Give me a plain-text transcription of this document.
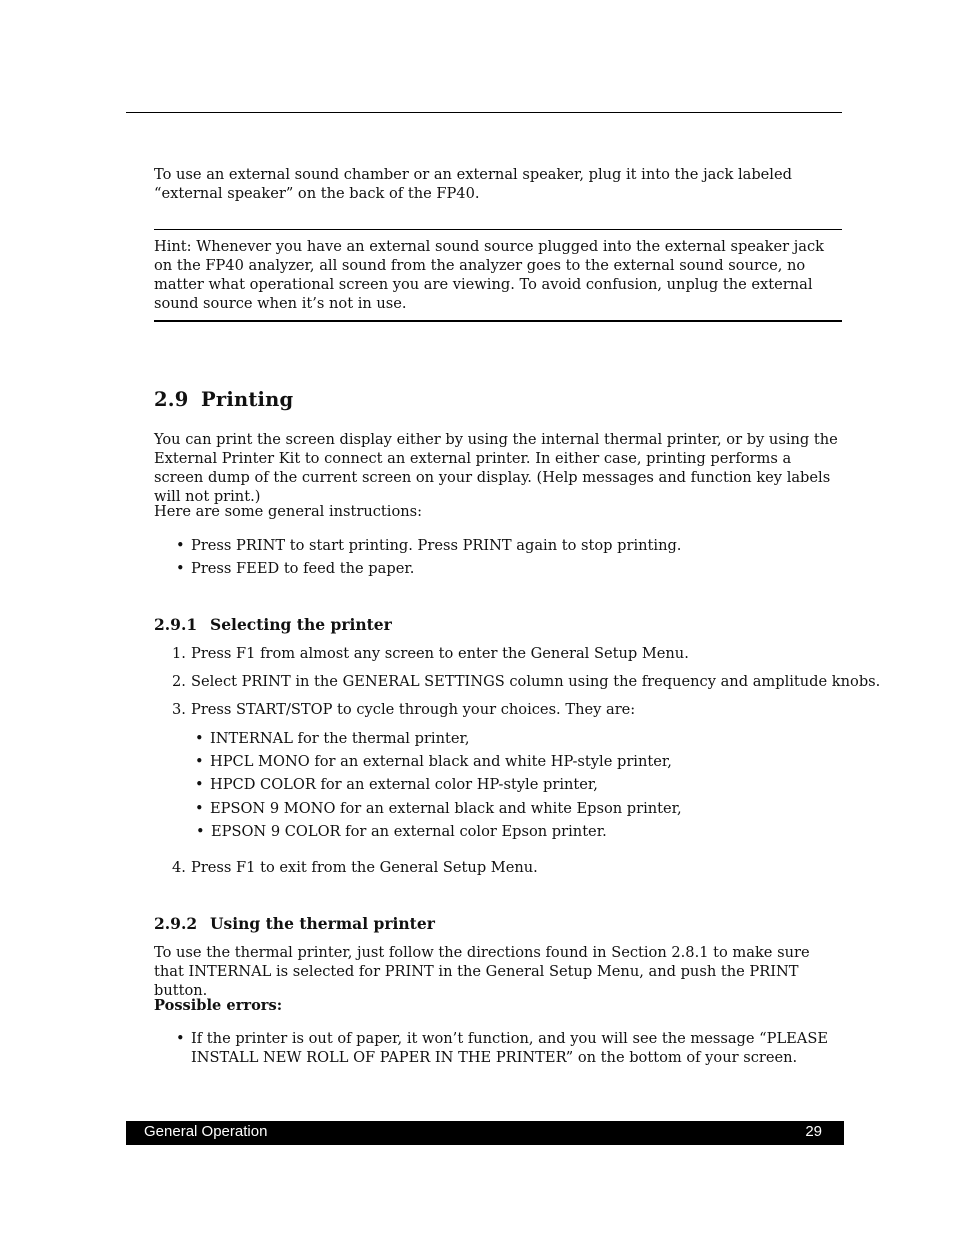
To use an external sound chamber or an external speaker, plug it into the jack labeled “external speaker” on the back of the FP40.

Hint: Whenever you have an external sound source plugged into the external speaker jack on the FP40 analyzer, all sound from the analyzer goes to the external sound source, no matter what operational screen you are viewing. To avoid confusion, unplug the external sound source when it’s not in use.

2.9 Printing

You can print the screen display either by using the internal thermal printer, or by using the External Printer Kit to connect an external printer. In either case, printing performs a screen dump of the current screen on your display. (Help messages and function key labels will not print.)

Here are some general instructions:

• Press PRINT to start printing. Press PRINT again to stop printing.
• Press FEED to feed the paper.
2.9.1 Selecting the printer
1. Press F1 from almost any screen to enter the General Setup Menu.
2. Select PRINT in the GENERAL SETTINGS column using the frequency and amplitude knobs.
3. Press START/STOP to cycle through your choices. They are:
• INTERNAL for the thermal printer,
• HPCL MONO for an external black and white HP-style printer,
• HPCD COLOR for an external color HP-style printer,
• EPSON 9 MONO for an external black and white Epson printer,
• EPSON 9 COLOR for an external color Epson printer.
4. Press F1 to exit from the General Setup Menu.
2.9.2 Using the thermal printer

To use the thermal printer, just follow the directions found in Section 2.8.1 to make sure that INTERNAL is selected for PRINT in the General Setup Menu, and push the PRINT button.

Possible errors:

• If the printer is out of paper, it won’t function, and you will see the message “PLEASE INSTALL NEW ROLL OF PAPER IN THE PRINTER” on the bottom of your screen.
General Operation	29
